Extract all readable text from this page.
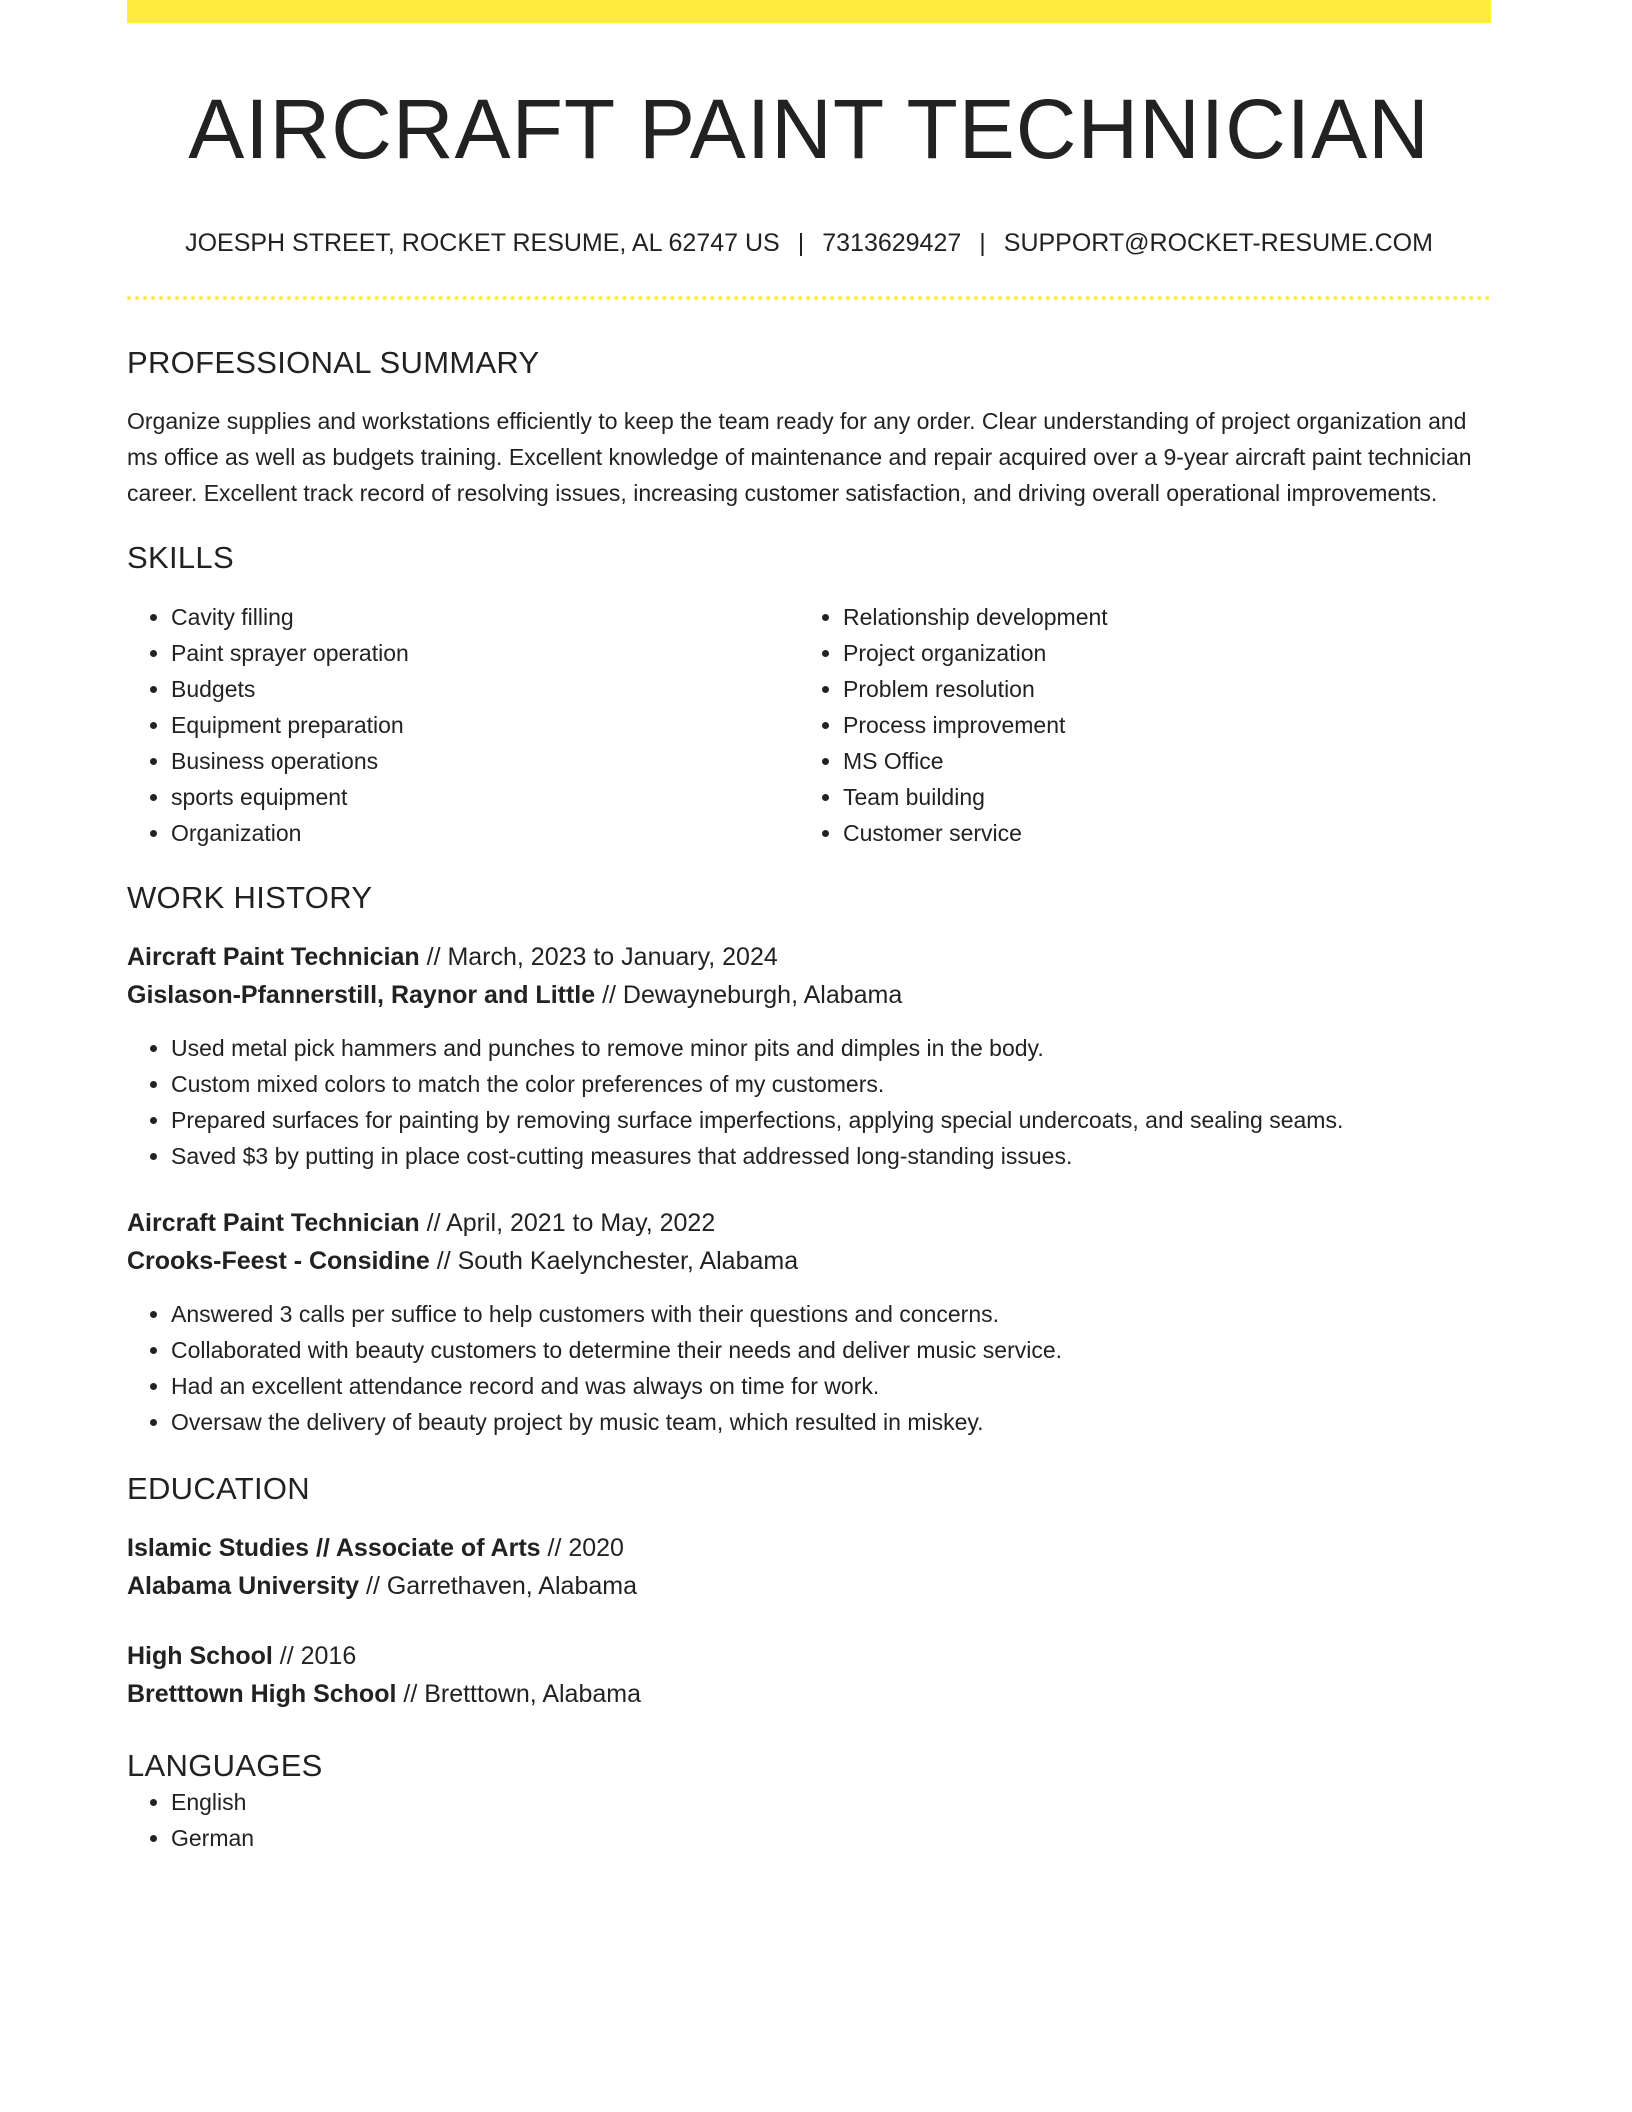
AIRCRAFT PAINT TECHNICIAN
JOESPH STREET, ROCKET RESUME, AL 62747 US | 7313629427 | SUPPORT@ROCKET-RESUME.COM
PROFESSIONAL SUMMARY

Organize supplies and workstations efficiently to keep the team ready for any order. Clear understanding of project organization and ms office as well as budgets training. Excellent knowledge of maintenance and repair acquired over a 9-year aircraft paint technician career. Excellent track record of resolving issues, increasing customer satisfaction, and driving overall operational improvements.

SKILLS
• Cavity filling
• Paint sprayer operation
• Budgets
• Equipment preparation
• Business operations
• sports equipment
• Organization
• Relationship development
• Project organization
• Problem resolution
• Process improvement
• MS Office
• Team building
• Customer service
WORK HISTORY
Aircraft Paint Technician // March, 2023 to January, 2024
Gislason-Pfannerstill, Raynor and Little // Dewayneburgh, Alabama
• Used metal pick hammers and punches to remove minor pits and dimples in the body.
• Custom mixed colors to match the color preferences of my customers.
• Prepared surfaces for painting by removing surface imperfections, applying special undercoats, and sealing seams.
• Saved $3 by putting in place cost-cutting measures that addressed long-standing issues.
Aircraft Paint Technician // April, 2021 to May, 2022
Crooks-Feest - Considine // South Kaelynchester, Alabama
• Answered 3 calls per suffice to help customers with their questions and concerns.
• Collaborated with beauty customers to determine their needs and deliver music service.
• Had an excellent attendance record and was always on time for work.
• Oversaw the delivery of beauty project by music team, which resulted in miskey.
EDUCATION
Islamic Studies // Associate of Arts // 2020
Alabama University // Garrethaven, Alabama
High School // 2016
Bretttown High School // Bretttown, Alabama
LANGUAGES
• English
• German
